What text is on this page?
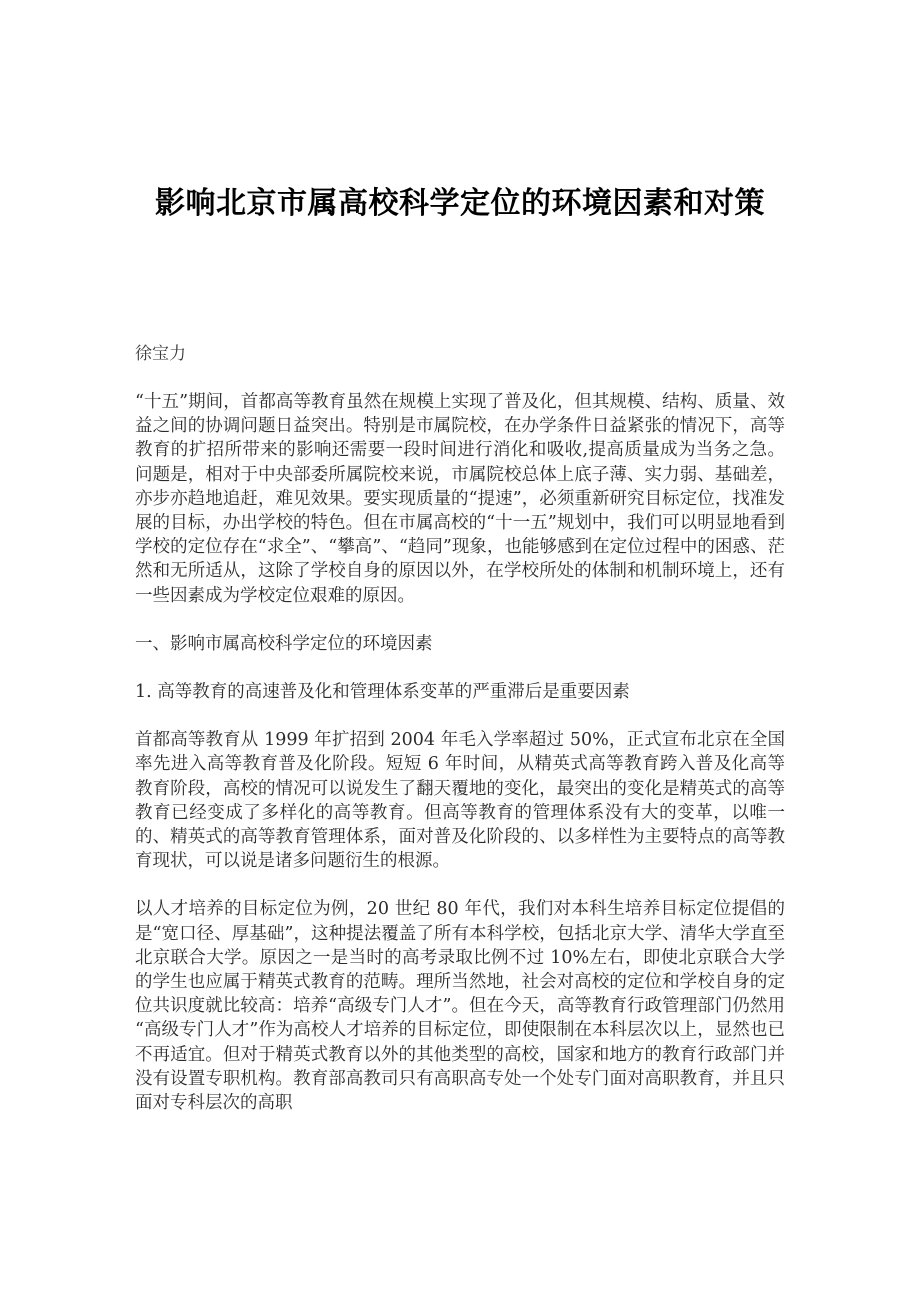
影响北京市属高校科学定位的环境因素和对策

徐宝力

“十五”期间，首都高等教育虽然在规模上实现了普及化，但其规模、结构、质量、效益之间的协调问题日益突出。特别是市属院校，在办学条件日益紧张的情况下，高等教育的扩招所带来的影响还需要一段时间进行消化和吸收,提高质量成为当务之急。问题是，相对于中央部委所属院校来说，市属院校总体上底子薄、实力弱、基础差，亦步亦趋地追赶，难见效果。要实现质量的“提速”，必须重新研究目标定位，找准发展的目标，办出学校的特色。但在市属高校的“十一五”规划中，我们可以明显地看到学校的定位存在“求全”、“攀高”、“趋同”现象，也能够感到在定位过程中的困惑、茫然和无所适从，这除了学校自身的原因以外，在学校所处的体制和机制环境上，还有一些因素成为学校定位艰难的原因。

一、影响市属高校科学定位的环境因素

1. 高等教育的高速普及化和管理体系变革的严重滞后是重要因素

首都高等教育从 1999 年扩招到 2004 年毛入学率超过 50%，正式宣布北京在全国率先进入高等教育普及化阶段。短短 6 年时间，从精英式高等教育跨入普及化高等教育阶段，高校的情况可以说发生了翻天覆地的变化，最突出的变化是精英式的高等教育已经变成了多样化的高等教育。但高等教育的管理体系没有大的变革，以唯一的、精英式的高等教育管理体系，面对普及化阶段的、以多样性为主要特点的高等教育现状，可以说是诸多问题衍生的根源。

以人才培养的目标定位为例，20 世纪 80 年代，我们对本科生培养目标定位提倡的是“宽口径、厚基础”，这种提法覆盖了所有本科学校，包括北京大学、清华大学直至北京联合大学。原因之一是当时的高考录取比例不过 10%左右，即使北京联合大学的学生也应属于精英式教育的范畴。理所当然地，社会对高校的定位和学校自身的定位共识度就比较高：培养“高级专门人才”。但在今天，高等教育行政管理部门仍然用“高级专门人才”作为高校人才培养的目标定位，即使限制在本科层次以上，显然也已不再适宜。但对于精英式教育以外的其他类型的高校，国家和地方的教育行政部门并没有设置专职机构。教育部高教司只有高职高专处一个处专门面对高职教育，并且只面对专科层次的高职
